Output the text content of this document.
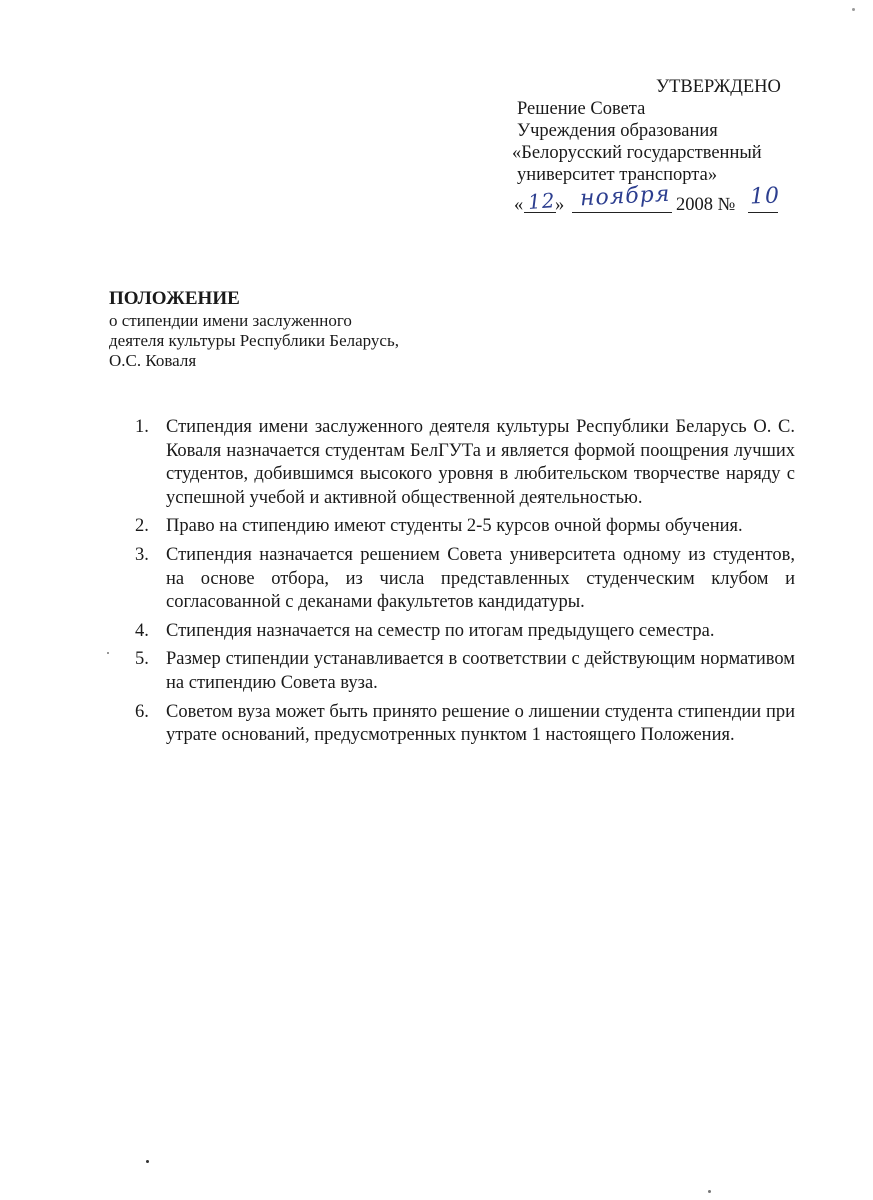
УТВЕРЖДЕНО
Решение Совета
Учреждения образования
«Белорусский государственный
университет транспорта»
« 12
» ноября 2008 № 10
ПОЛОЖЕНИЕ
о стипендии имени заслуженного
деятеля культуры Республики Беларусь,
О.С. Коваля
1. Стипендия имени заслуженного деятеля культуры Республики Беларусь О. С. Коваля назначается студентам БелГУТа и является формой поощрения лучших студентов, добившимся высокого уровня в любительском творчестве наряду с успешной учебой и активной общественной деятельностью.
2. Право на стипендию имеют студенты 2-5 курсов очной формы обучения.
3. Стипендия назначается решением Совета университета одному из студентов, на основе отбора, из числа представленных студенческим клубом и согласованной с деканами факультетов кандидатуры.
4. Стипендия назначается на семестр по итогам предыдущего семестра.
5. Размер стипендии устанавливается в соответствии с действующим нормативом на стипендию Совета вуза.
6. Советом вуза может быть принято решение о лишении студента стипендии при утрате оснований, предусмотренных пунктом 1 настоящего Положения.
